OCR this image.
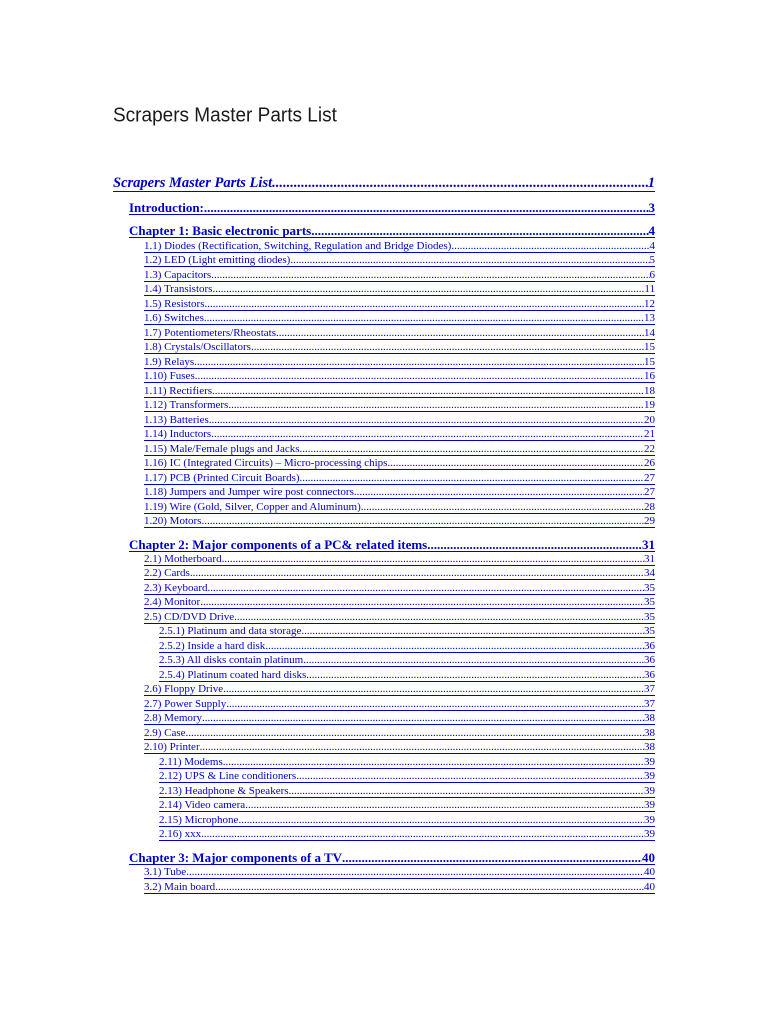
Scrapers Master Parts List
Scrapers Master Parts List .....	1
Introduction: .....	3
Chapter 1: Basic electronic parts .....	4
1.1) Diodes (Rectification, Switching, Regulation and Bridge Diodes) .....	4
1.2) LED (Light emitting diodes) .....	5
1.3) Capacitors .....	6
1.4) Transistors .....	11
1.5) Resistors .....	12
1.6) Switches .....	13
1.7) Potentiometers/Rheostats .....	14
1.8) Crystals/Oscillators .....	15
1.9) Relays .....	15
1.10) Fuses .....	16
1.11) Rectifiers .....	18
1.12) Transformers .....	19
1.13) Batteries .....	20
1.14) Inductors .....	21
1.15) Male/Female plugs and Jacks .....	22
1.16) IC (Integrated Circuits) – Micro-processing chips .....	26
1.17) PCB (Printed Circuit Boards) .....	27
1.18) Jumpers and Jumper wire post connectors .....	27
1.19) Wire (Gold, Silver, Copper and Aluminum) .....	28
1.20) Motors .....	29
Chapter 2: Major components of a PC& related items .....	31
2.1) Motherboard .....	31
2.2) Cards .....	34
2.3) Keyboard .....	35
2.4) Monitor .....	35
2.5) CD/DVD Drive .....	35
2.5.1) Platinum and data storage .....	35
2.5.2) Inside a hard disk .....	36
2.5.3) All disks contain platinum .....	36
2.5.4) Platinum coated hard disks .....	36
2.6) Floppy Drive .....	37
2.7) Power Supply .....	37
2.8) Memory .....	38
2.9) Case .....	38
2.10) Printer .....	38
2.11) Modems .....	39
2.12) UPS & Line conditioners .....	39
2.13) Headphone & Speakers .....	39
2.14) Video camera .....	39
2.15) Microphone .....	39
2.16) xxx .....	39
Chapter 3: Major components of a TV .....	40
3.1) Tube .....	40
3.2) Main board .....	40
